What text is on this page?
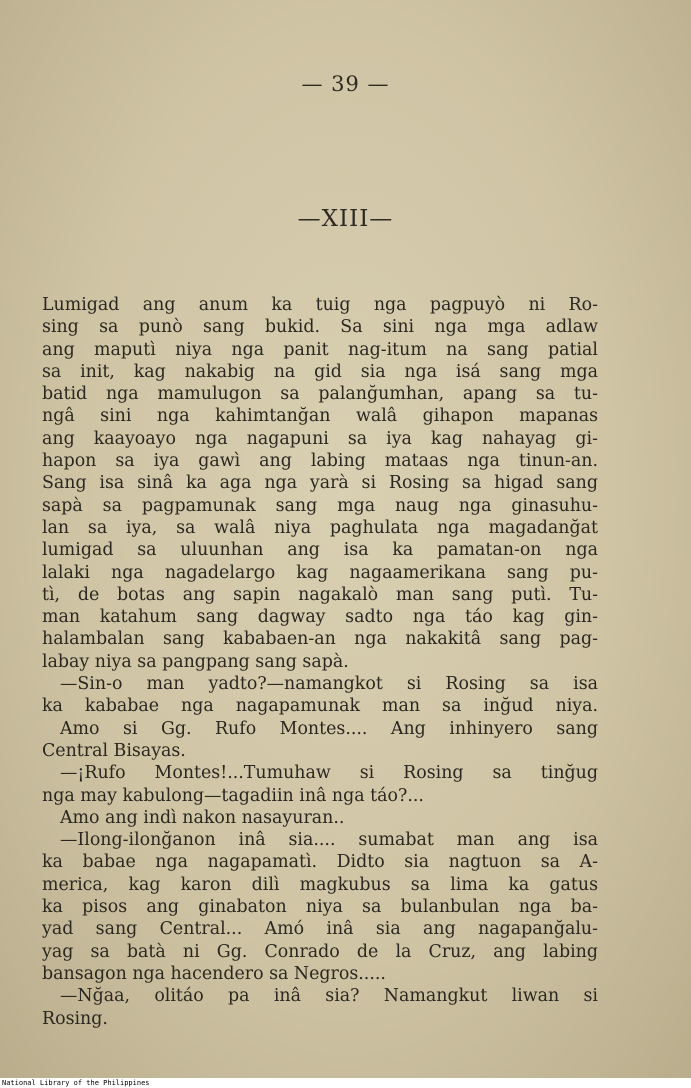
— 39 —
—XIII—
Lumigad ang anum ka tuig nga pagpuyò ni Ro-
sing sa punò sang bukid. Sa sini nga mga adlaw
ang maputì niya nga panit nag-itum na sang patial
sa init, kag nakabig na gid sia nga isá sang mga
batid nga mamulugon sa palanğumhan, apang sa tu-
ngâ sini nga kahimtanğan walâ gihapon mapanas
ang kaayoayo nga nagapuni sa iya kag nahayag gi-
hapon sa iya gawì ang labing mataas nga tinun-an.
Sang isa sinâ ka aga nga yarà si Rosing sa higad sang
sapà sa pagpamunak sang mga naug nga ginasuhu-
lan sa iya, sa walâ niya paghulata nga magadanğat
lumigad sa uluunhan ang isa ka pamatan-on nga
lalaki nga nagadelargo kag nagaamerikana sang pu-
tì, de botas ang sapin nagakalò man sang putì. Tu-
man katahum sang dagway sadto nga táo kag gin-
halambalan sang kababaen-an nga nakakitâ sang pag-
labay niya sa pangpang sang sapà.
—Sin-o man yadto?—namangkot si Rosing sa isa
ka kababae nga nagapamunak man sa inğud niya.
Amo si Gg. Rufo Montes.... Ang inhinyero sang
Central Bisayas.
—¡Rufo Montes!...Tumuhaw si Rosing sa tinğug
nga may kabulong—tagadiin inâ nga táo?...
Amo ang indì nakon nasayuran..
—Ilong-ilonğanon inâ sia.... sumabat man ang isa
ka babae nga nagapamatì. Didto sia nagtuon sa A-
merica, kag karon dilì magkubus sa lima ka gatus
ka pisos ang ginabaton niya sa bulanbulan nga ba-
yad sang Central... Amó inâ sia ang nagapanğalu-
yag sa batà ni Gg. Conrado de la Cruz, ang labing
bansagon nga hacendero sa Negros.....
—Nğaa, olitáo pa inâ sia? Namangkut liwan si
Rosing.
National Library of the Philippines
